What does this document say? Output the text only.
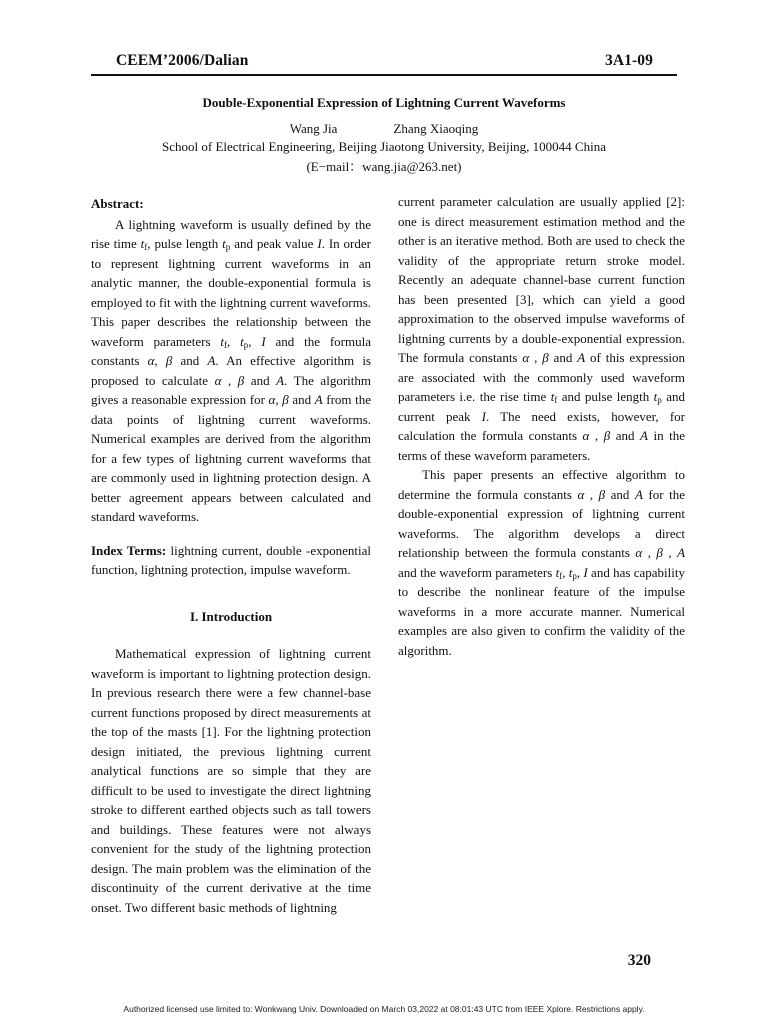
CEEM’2006/Dalian	3A1-09
Double-Exponential Expression of Lightning Current Waveforms
Wang Jia	Zhang Xiaoqing
School of Electrical Engineering, Beijing Jiaotong University, Beijing, 100044 China
(E−mail：wang.jia@263.net)

Abstract:

A lightning waveform is usually defined by the rise time $t_f$, pulse length $t_p$ and peak value I. In order to represent lightning current waveforms in an analytic manner, the double-exponential formula is employed to fit with the lightning current waveforms. This paper describes the relationship between the waveform parameters $t_f$, $t_p$, I and the formula constants α, β and A. An effective algorithm is proposed to calculate α , β and A. The algorithm gives a reasonable expression for α, β and A from the data points of lightning current waveforms. Numerical examples are derived from the algorithm for a few types of lightning current waveforms that are commonly used in lightning protection design. A better agreement appears between calculated and standard waveforms.

Index Terms: lightning current, double -exponential function, lightning protection, impulse waveform.

I. Introduction

Mathematical expression of lightning current waveform is important to lightning protection design. In previous research there were a few channel-base current functions proposed by direct measurements at the top of the masts [1]. For the lightning protection design initiated, the previous lightning current analytical functions are so simple that they are difficult to be used to investigate the direct lightning stroke to different earthed objects such as tall towers and buildings. These features were not always convenient for the study of the lightning protection design. The main problem was the elimination of the discontinuity of the current derivative at the time onset. Two different basic methods of lightning

current parameter calculation are usually applied [2]: one is direct measurement estimation method and the other is an iterative method. Both are used to check the validity of the appropriate return stroke model. Recently an adequate channel-base current function has been presented [3], which can yield a good approximation to the observed impulse waveforms of lightning currents by a double-exponential expression. The formula constants α , β and A of this expression are associated with the commonly used waveform parameters i.e. the rise time $t_f$ and pulse length $t_p$ and current peak I. The need exists, however, for calculation the formula constants α , β and A in the terms of these waveform parameters.

This paper presents an effective algorithm to determine the formula constants α , β and A for the double-exponential expression of lightning current waveforms. The algorithm develops a direct relationship between the formula constants α , β , A and the waveform parameters $t_f$, $t_p$, I and has capability to describe the nonlinear feature of the impulse waveforms in a more accurate manner. Numerical examples are also given to confirm the validity of the algorithm.

320
Authorized licensed use limited to: Wonkwang Univ. Downloaded on March 03,2022 at 08:01:43 UTC from IEEE Xplore. Restrictions apply.
